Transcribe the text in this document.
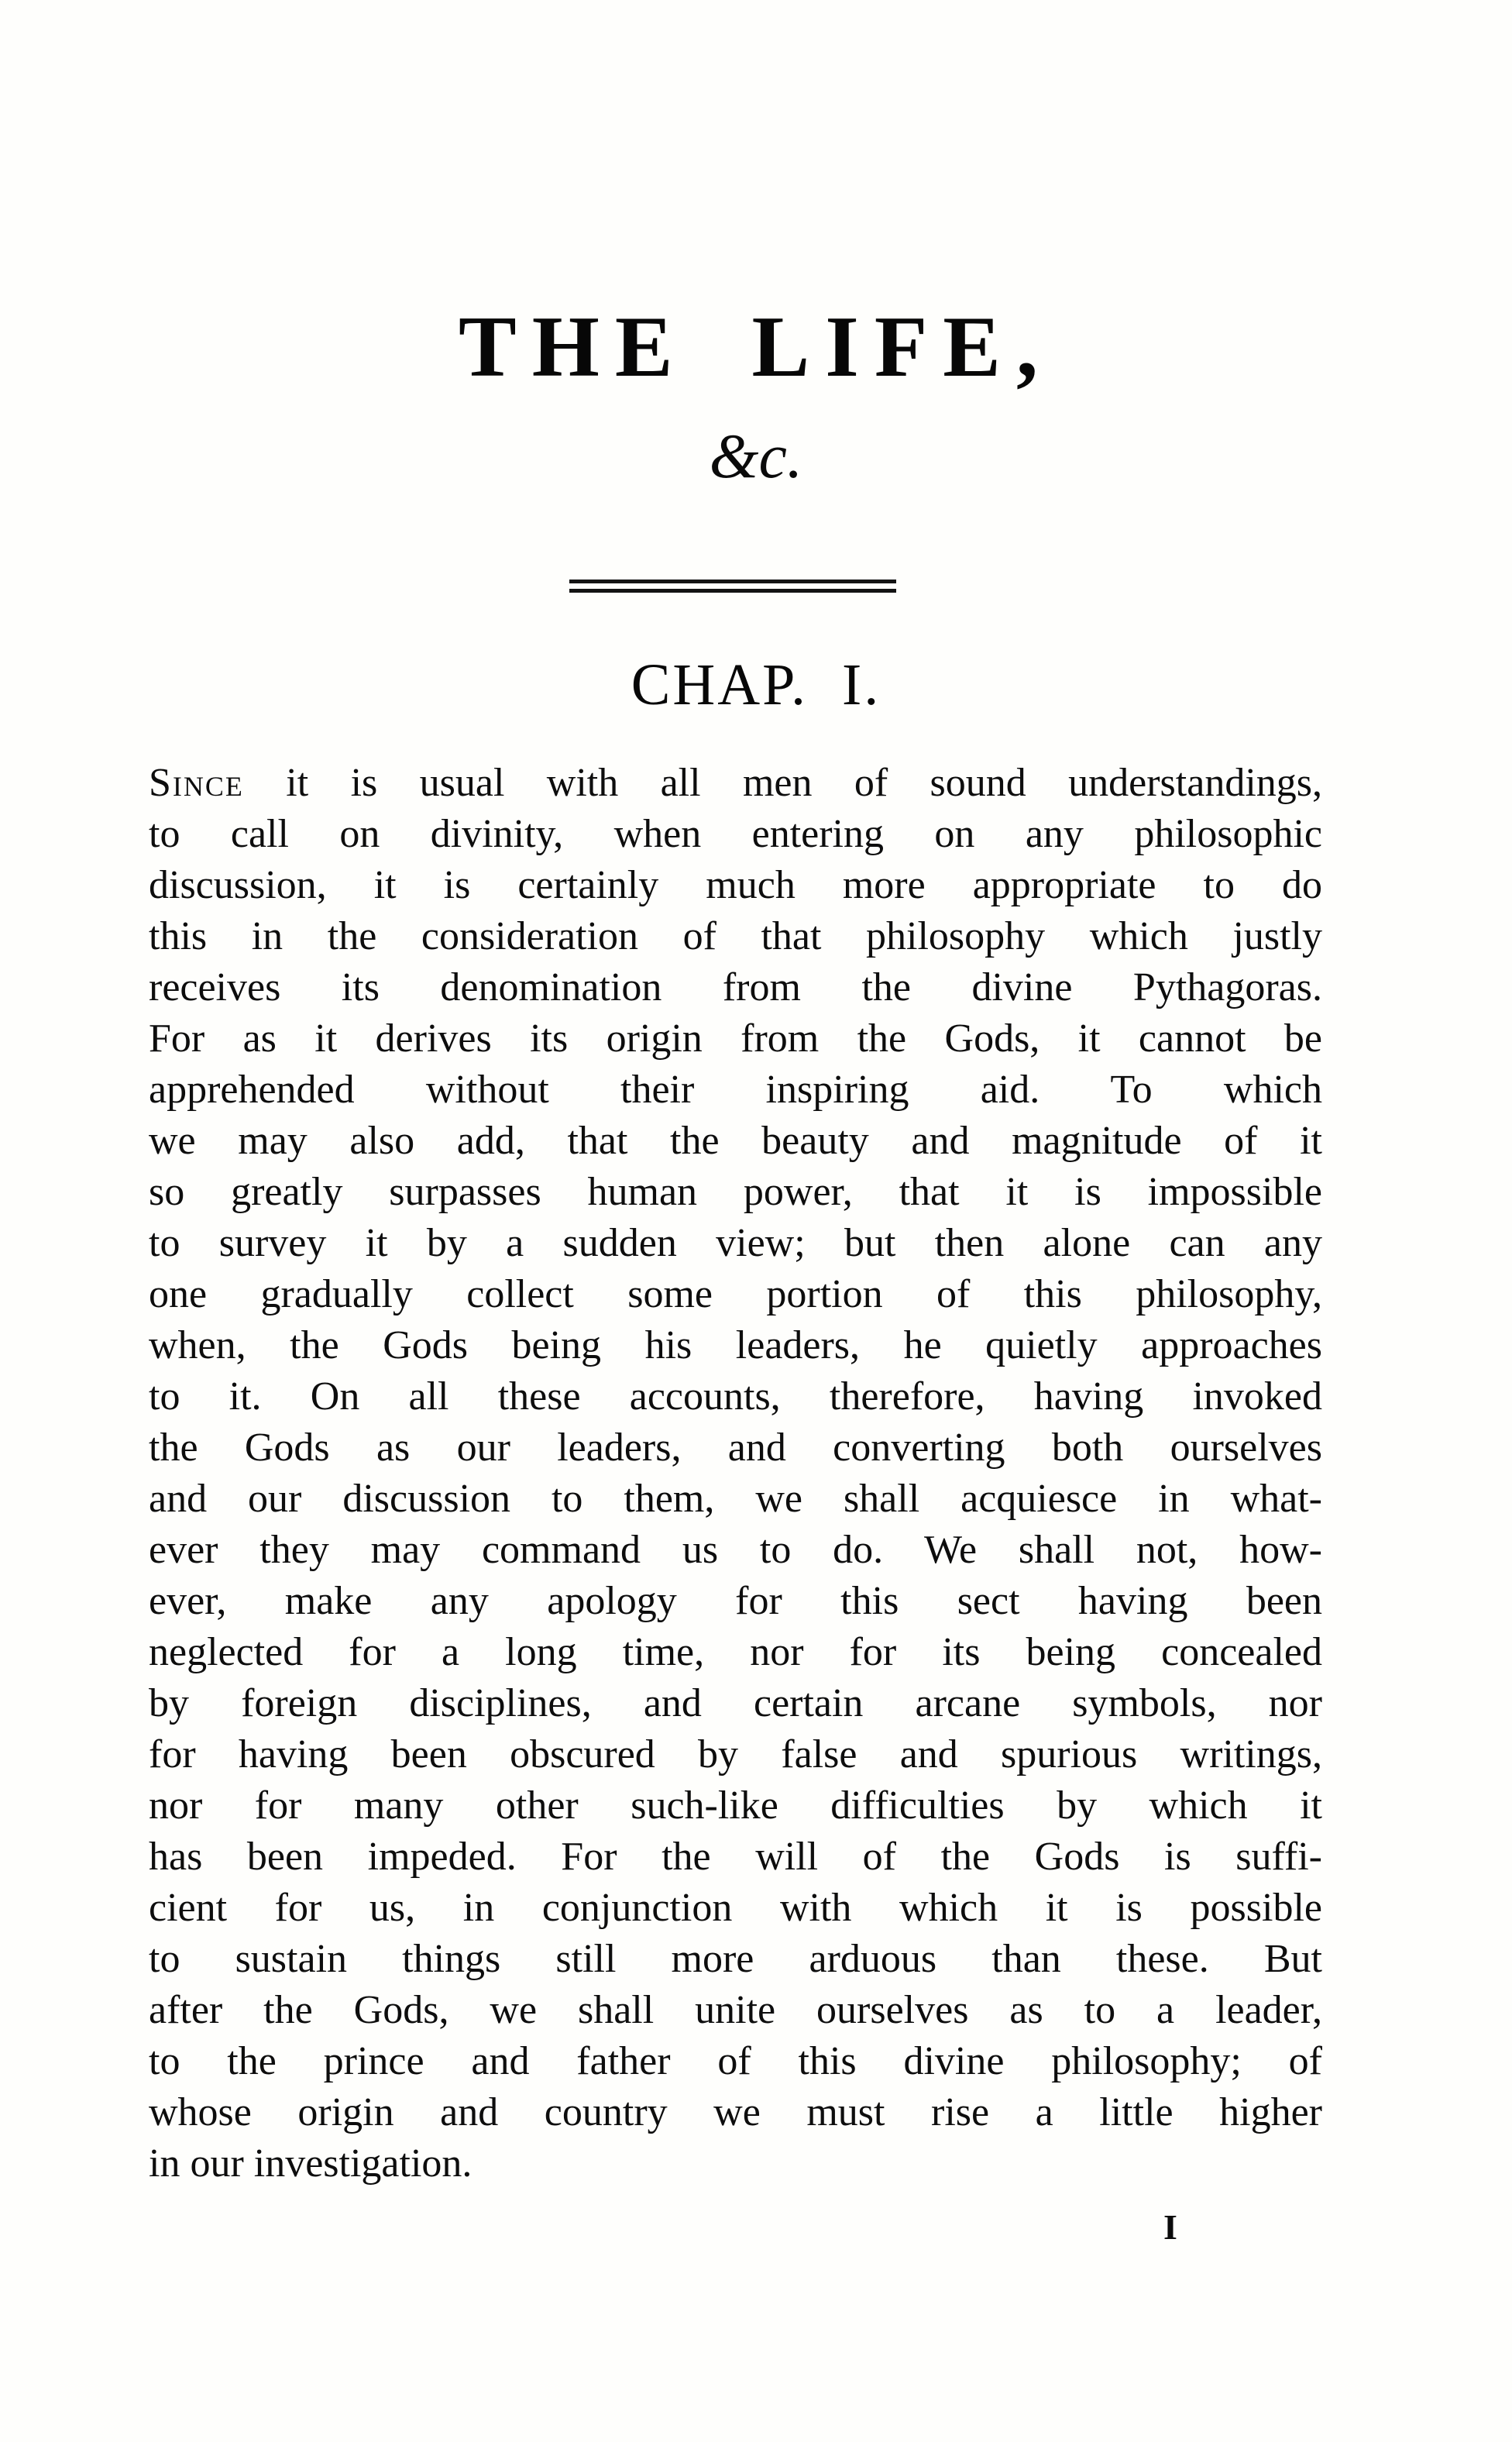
THE LIFE,
&c.
CHAP. I.
Since it is usual with all men of sound understandings,
to call on divinity, when entering on any philosophic
discussion, it is certainly much more appropriate to do
this in the consideration of that philosophy which justly
receives its denomination from the divine Pythagoras.
For as it derives its origin from the Gods, it cannot be
apprehended without their inspiring aid. To which
we may also add, that the beauty and magnitude of it
so greatly surpasses human power, that it is impossible
to survey it by a sudden view; but then alone can any
one gradually collect some portion of this philosophy,
when, the Gods being his leaders, he quietly approaches
to it. On all these accounts, therefore, having invoked
the Gods as our leaders, and converting both ourselves
and our discussion to them, we shall acquiesce in what-
ever they may command us to do. We shall not, how-
ever, make any apology for this sect having been
neglected for a long time, nor for its being concealed
by foreign disciplines, and certain arcane symbols, nor
for having been obscured by false and spurious writings,
nor for many other such-like difficulties by which it
has been impeded. For the will of the Gods is suffi-
cient for us, in conjunction with which it is possible
to sustain things still more arduous than these. But
after the Gods, we shall unite ourselves as to a leader,
to the prince and father of this divine philosophy; of
whose origin and country we must rise a little higher
in our investigation.
I
